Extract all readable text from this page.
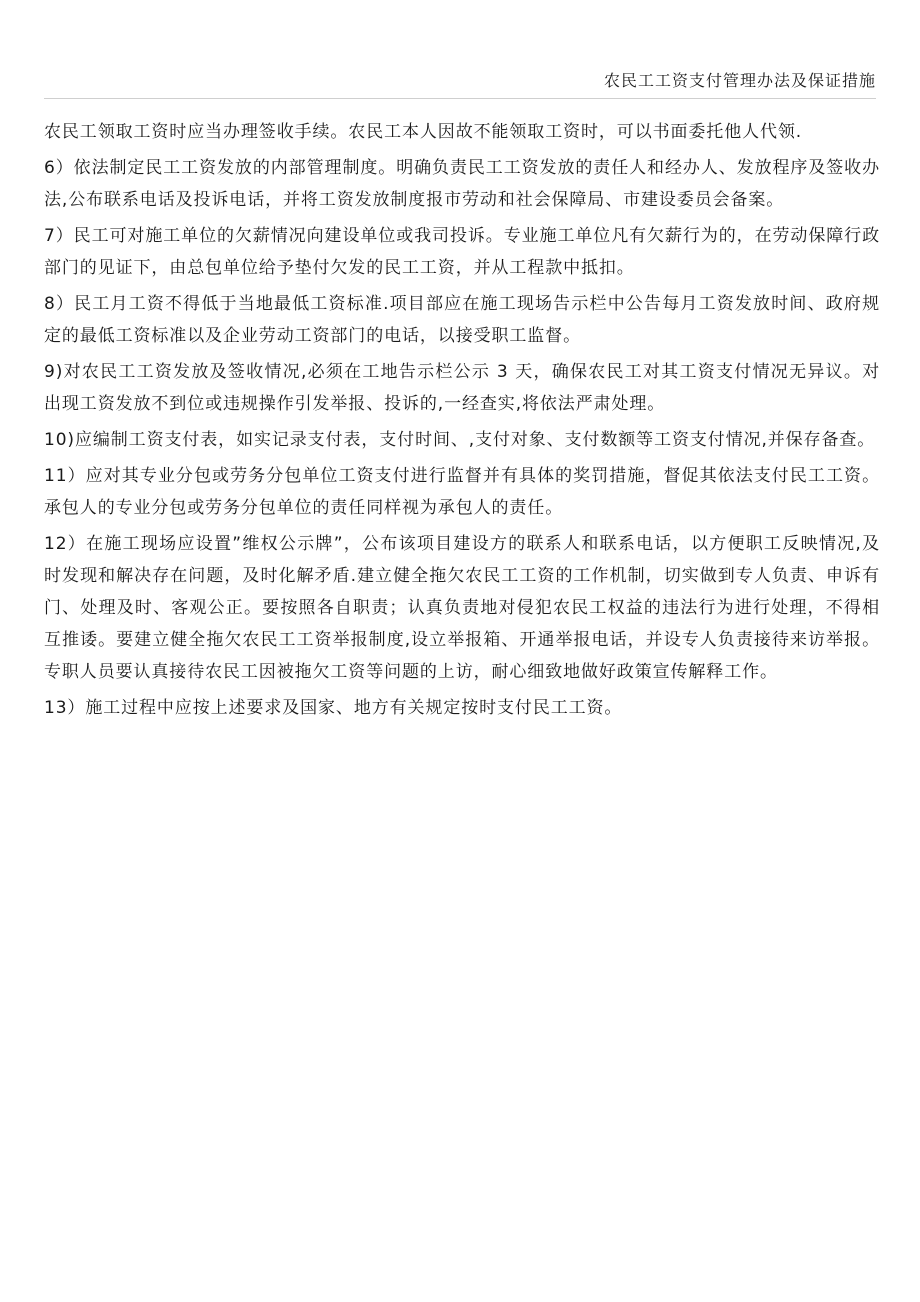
农民工工资支付管理办法及保证措施

农民工领取工资时应当办理签收手续。农民工本人因故不能领取工资时，可以书面委托他人代领.

6）依法制定民工工资发放的内部管理制度。明确负责民工工资发放的责任人和经办人、发放程序及签收办法,公布联系电话及投诉电话，并将工资发放制度报市劳动和社会保障局、市建设委员会备案。

7）民工可对施工单位的欠薪情况向建设单位或我司投诉。专业施工单位凡有欠薪行为的，在劳动保障行政部门的见证下，由总包单位给予垫付欠发的民工工资，并从工程款中抵扣。

8）民工月工资不得低于当地最低工资标准.项目部应在施工现场告示栏中公告每月工资发放时间、政府规定的最低工资标准以及企业劳动工资部门的电话，以接受职工监督。

9)对农民工工资发放及签收情况,必须在工地告示栏公示 3 天，确保农民工对其工资支付情况无异议。对出现工资发放不到位或违规操作引发举报、投诉的,一经查实,将依法严肃处理。

10)应编制工资支付表，如实记录支付表，支付时间、,支付对象、支付数额等工资支付情况,并保存备查。

11）应对其专业分包或劳务分包单位工资支付进行监督并有具体的奖罚措施，督促其依法支付民工工资。承包人的专业分包或劳务分包单位的责任同样视为承包人的责任。

12）在施工现场应设置”维权公示牌”，公布该项目建设方的联系人和联系电话，以方便职工反映情况,及时发现和解决存在问题，及时化解矛盾.建立健全拖欠农民工工资的工作机制，切实做到专人负责、申诉有门、处理及时、客观公正。要按照各自职责；认真负责地对侵犯农民工权益的违法行为进行处理，不得相互推诿。要建立健全拖欠农民工工资举报制度,设立举报箱、开通举报电话，并设专人负责接待来访举报。专职人员要认真接待农民工因被拖欠工资等问题的上访，耐心细致地做好政策宣传解释工作。

13）施工过程中应按上述要求及国家、地方有关规定按时支付民工工资。
